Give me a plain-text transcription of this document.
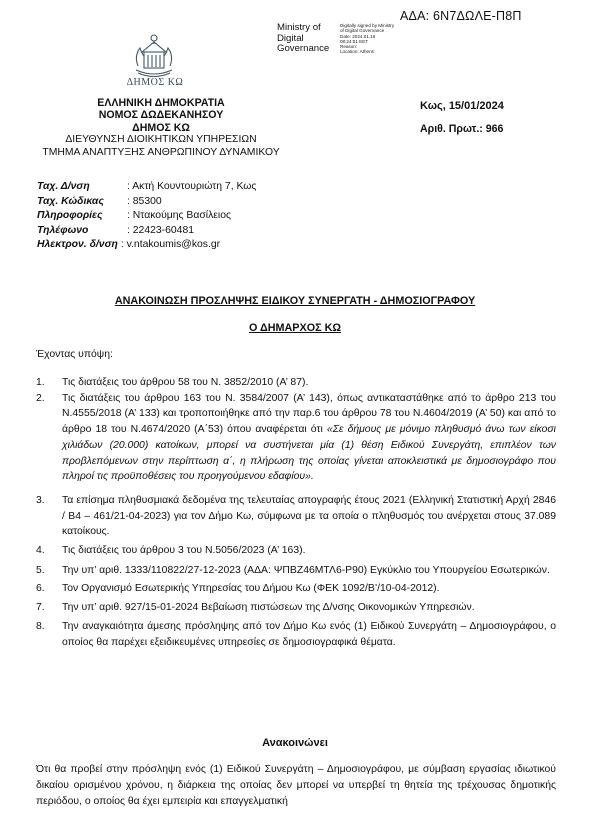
ΑΔΑ: 6Ν7ΔΩΛΕ-Π8Π
Ministry of
Digital
Governance
Digitally signed by Ministry
of Digital Governance
Date: 2024.01.16
08:24:51 EET
Reason:
Location: Athens
ΔΗΜΟΣ ΚΩ
ΕΛΛΗΝΙΚΗ ΔΗΜΟΚΡΑΤΙΑ
ΝΟΜΟΣ ΔΩΔΕΚΑΝΗΣΟΥ
ΔΗΜΟΣ ΚΩ
ΔΙΕΥΘΥΝΣΗ ΔΙΟΙΚΗΤΙΚΩΝ ΥΠΗΡΕΣΙΩΝ
ΤΜΗΜΑ ΑΝΑΠΤΥΞΗΣ ΑΝΘΡΩΠΙΝΟΥ ΔΥΝΑΜΙΚΟΥ
Κως, 15/01/2024
Αριθ. Πρωτ.: 966
Ταχ. Δ/νση	: Ακτή Κουντουριώτη 7, Κως
Ταχ. Κώδικας : 85300
Πληροφορίες : Ντακούμης Βασίλειος
Τηλέφωνο	: 22423-60481
Ηλεκτρον. δ/νση : v.ntakoumis@kos.gr
ΑΝΑΚΟΙΝΩΣΗ ΠΡΟΣΛΗΨΗΣ ΕΙΔΙΚΟΥ ΣΥΝΕΡΓΑΤΗ - ΔΗΜΟΣΙΟΓΡΑΦΟΥ
Ο ΔΗΜΑΡΧΟΣ ΚΩ
Έχοντας υπόψη:
1. Τις διατάξεις του άρθρου 58 του Ν. 3852/2010 (Α’ 87).
2. Τις διατάξεις του άρθρου 163 του Ν. 3584/2007 (Α’ 143), όπως αντικαταστάθηκε από το άρθρο 213 του Ν.4555/2018 (Α’ 133) και τροποποιήθηκε από την παρ.6 του άρθρου 78 του Ν.4604/2019 (Α’ 50) και από το άρθρο 18 του Ν.4674/2020 (Α΄53) όπου αναφέρεται ότι «Σε δήμους με μόνιμο πληθυσμό άνω των είκοσι χιλιάδων (20.000) κατοίκων, μπορεί να συστήνεται μία (1) θέση Ειδικού Συνεργάτη, επιπλέον των προβλεπόμενων στην περίπτωση α΄, η πλήρωση της οποίας γίνεται αποκλειστικά με δημοσιογράφο που πληροί τις προϋποθέσεις του προηγούμενου εδαφίου».
3. Τα επίσημα πληθυσμιακά δεδομένα της τελευταίας απογραφής έτους 2021 (Ελληνική Στατιστική Αρχή 2846 / Β4 – 461/21-04-2023) για τον Δήμο Κω, σύμφωνα με τα οποία ο πληθυσμός του ανέρχεται στους 37.089 κατοίκους.
4. Τις διατάξεις του άρθρου 3 του Ν.5056/2023 (Α’ 163).
5. Την υπ’ αριθ. 1333/110822/27-12-2023 (ΑΔΑ: ΨΠΒΖ46ΜΤΛ6-Ρ90) Εγκύκλιο του Υπουργείου Εσωτερικών.
6. Τον Οργανισμό Εσωτερικής Υπηρεσίας του Δήμου Κω (ΦΕΚ 1092/Β’/10-04-2012).
7. Την υπ’ αριθ. 927/15-01-2024 Βεβαίωση πιστώσεων της Δ/νσης Οικονομικών Υπηρεσιών.
8. Την αναγκαιότητα άμεσης πρόσληψης από τον Δήμο Κω ενός (1) Ειδικού Συνεργάτη – Δημοσιογράφου, ο οποίος θα παρέχει εξειδικευμένες υπηρεσίες σε δημοσιογραφικά θέματα.
Ανακοινώνει
Ότι θα προβεί στην πρόσληψη ενός (1) Ειδικού Συνεργάτη – Δημοσιογράφου, με σύμβαση εργασίας ιδιωτικού δικαίου ορισμένου χρόνου, η διάρκεια της οποίας δεν μπορεί να υπερβεί τη θητεία της τρέχουσας δημοτικής περιόδου, ο οποίος θα έχει εμπειρία και επαγγελματική
